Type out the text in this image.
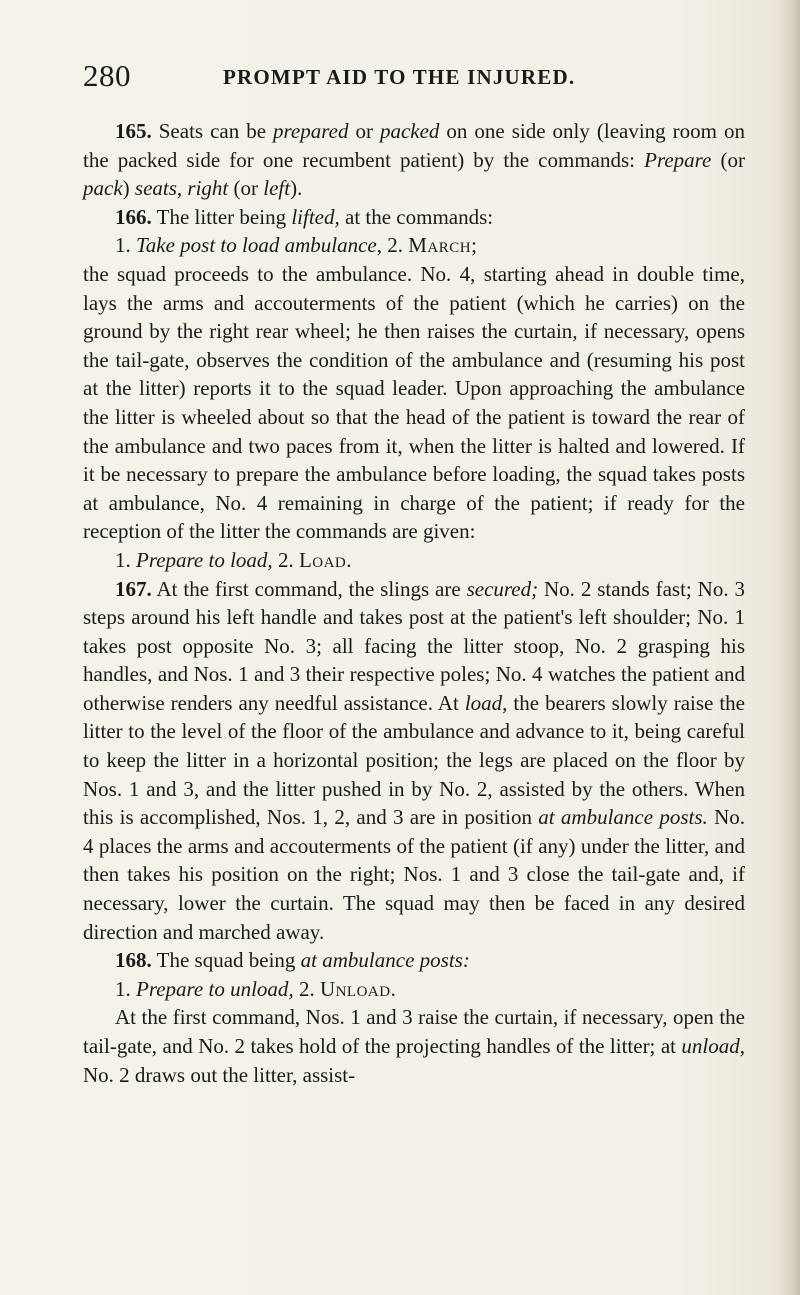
280	PROMPT AID TO THE INJURED.

165. Seats can be prepared or packed on one side only (leaving room on the packed side for one recumbent patient) by the commands: Prepare (or pack) seats, right (or left).

166. The litter being lifted, at the commands:

1. Take post to load ambulance, 2. March;

the squad proceeds to the ambulance. No. 4, starting ahead in double time, lays the arms and accouterments of the patient (which he carries) on the ground by the right rear wheel; he then raises the curtain, if necessary, opens the tail-gate, observes the condition of the ambulance and (resuming his post at the litter) reports it to the squad leader. Upon approaching the ambulance the litter is wheeled about so that the head of the patient is toward the rear of the ambulance and two paces from it, when the litter is halted and lowered. If it be necessary to prepare the ambulance before loading, the squad takes posts at ambulance, No. 4 remaining in charge of the patient; if ready for the reception of the litter the commands are given:

1. Prepare to load, 2. Load.

167. At the first command, the slings are secured; No. 2 stands fast; No. 3 steps around his left handle and takes post at the patient's left shoulder; No. 1 takes post opposite No. 3; all facing the litter stoop, No. 2 grasping his handles, and Nos. 1 and 3 their respective poles; No. 4 watches the patient and otherwise renders any needful assistance. At load, the bearers slowly raise the litter to the level of the floor of the ambulance and advance to it, being careful to keep the litter in a horizontal position; the legs are placed on the floor by Nos. 1 and 3, and the litter pushed in by No. 2, assisted by the others. When this is accomplished, Nos. 1, 2, and 3 are in position at ambulance posts. No. 4 places the arms and accouterments of the patient (if any) under the litter, and then takes his position on the right; Nos. 1 and 3 close the tail-gate and, if necessary, lower the curtain. The squad may then be faced in any desired direction and marched away.

168. The squad being at ambulance posts:

1. Prepare to unload, 2. Unload.

At the first command, Nos. 1 and 3 raise the curtain, if necessary, open the tail-gate, and No. 2 takes hold of the projecting handles of the litter; at unload, No. 2 draws out the litter, assist-
